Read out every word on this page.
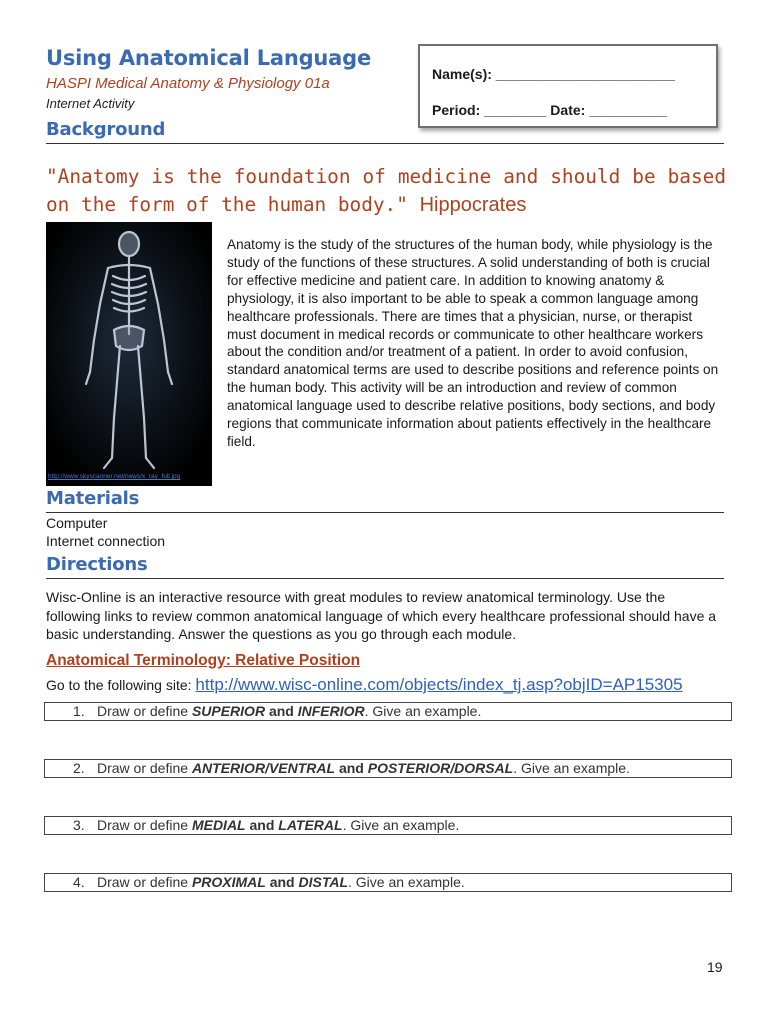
Using Anatomical Language
HASPI Medical Anatomy & Physiology 01a
Internet Activity
Name(s): _______________________
Period: ________ Date: __________
Background
"Anatomy is the foundation of medicine and should be based on the form of the human body." Hippocrates
http://www.skyscanner.net/news/x_ray_full.jpg
Anatomy is the study of the structures of the human body, while physiology is the study of the functions of these structures. A solid understanding of both is crucial for effective medicine and patient care. In addition to knowing anatomy & physiology, it is also important to be able to speak a common language among healthcare professionals. There are times that a physician, nurse, or therapist must document in medical records or communicate to other healthcare workers about the condition and/or treatment of a patient. In order to avoid confusion, standard anatomical terms are used to describe positions and reference points on the human body. This activity will be an introduction and review of common anatomical language used to describe relative positions, body sections, and body regions that communicate information about patients effectively in the healthcare field.
Materials
Computer
Internet connection
Directions
Wisc-Online is an interactive resource with great modules to review anatomical terminology. Use the following links to review common anatomical language of which every healthcare professional should have a basic understanding. Answer the questions as you go through each module.
Anatomical Terminology: Relative Position
Go to the following site: http://www.wisc-online.com/objects/index_tj.asp?objID=AP15305
1. Draw or define SUPERIOR and INFERIOR. Give an example.
2. Draw or define ANTERIOR/VENTRAL and POSTERIOR/DORSAL. Give an example.
3. Draw or define MEDIAL and LATERAL. Give an example.
4. Draw or define PROXIMAL and DISTAL. Give an example.
19
